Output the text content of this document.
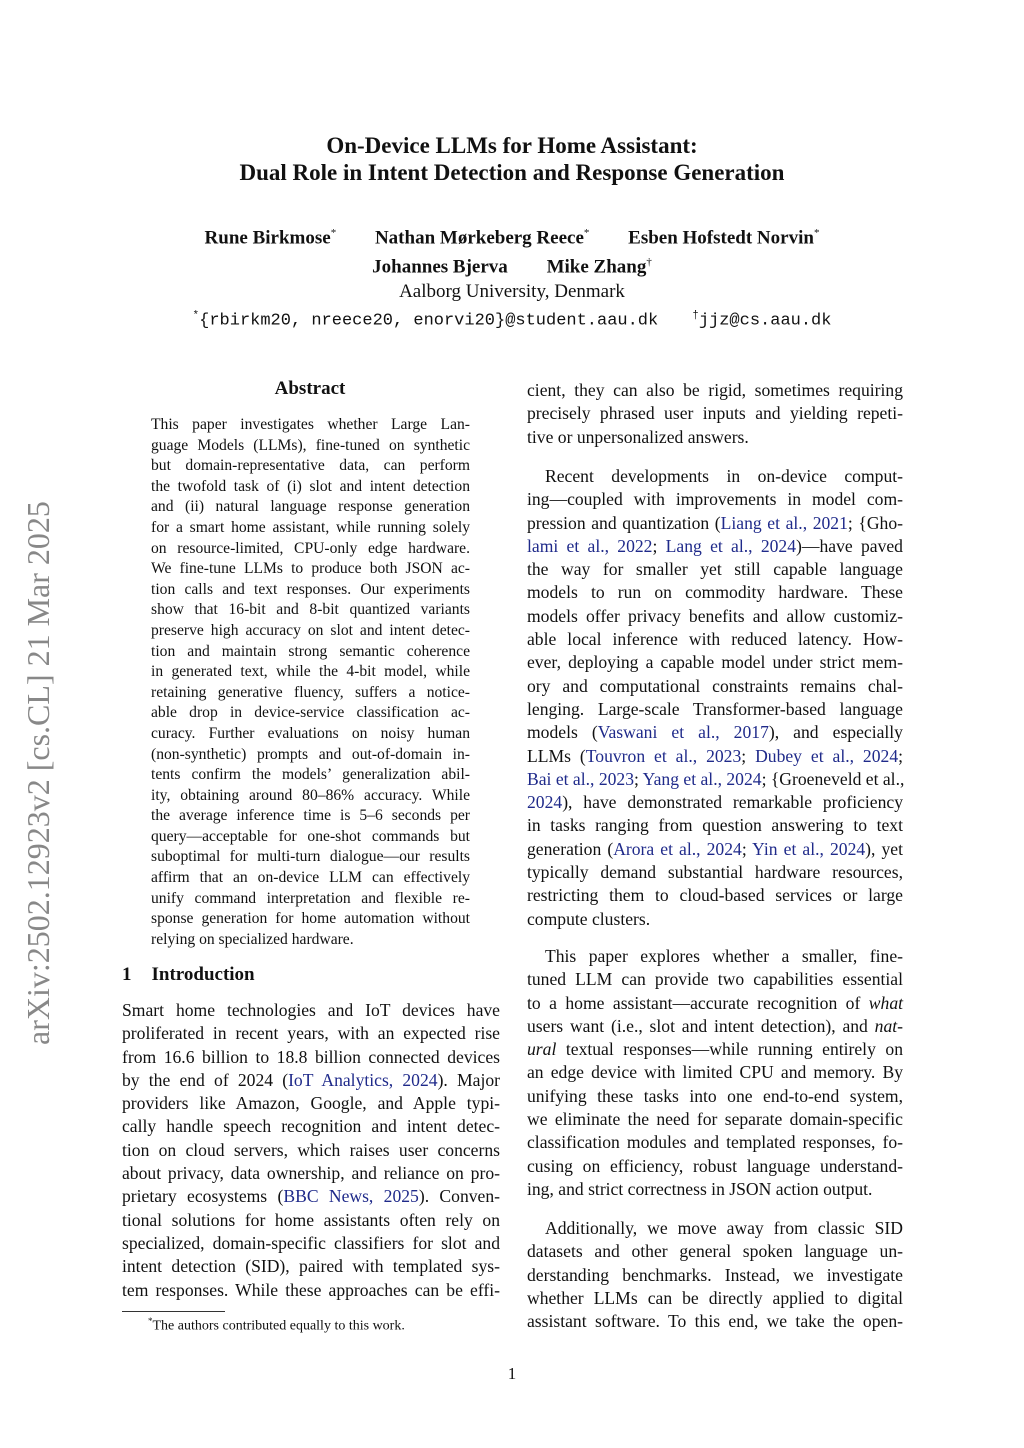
arXiv:2502.12923v2 [cs.CL] 21 Mar 2025
On-Device LLMs for Home Assistant:
Dual Role in Intent Detection and Response Generation
Rune Birkmose* Nathan Mørkeberg Reece* Esben Hofstedt Norvin*
Johannes Bjerva Mike Zhang†
Aalborg University, Denmark
*{rbirkm20, nreece20, enorvi20}@student.aau.dk	†jjz@cs.aau.dk
Abstract
This paper investigates whether Large Lan-
guage Models (LLMs), fine-tuned on synthetic
but domain-representative data, can perform
the twofold task of (i) slot and intent detection
and (ii) natural language response generation
for a smart home assistant, while running solely
on resource-limited, CPU-only edge hardware.
We fine-tune LLMs to produce both JSON ac-
tion calls and text responses. Our experiments
show that 16-bit and 8-bit quantized variants
preserve high accuracy on slot and intent detec-
tion and maintain strong semantic coherence
in generated text, while the 4-bit model, while
retaining generative fluency, suffers a notice-
able drop in device-service classification ac-
curacy. Further evaluations on noisy human
(non-synthetic) prompts and out-of-domain in-
tents confirm the models’ generalization abil-
ity, obtaining around 80–86% accuracy. While
the average inference time is 5–6 seconds per
query—acceptable for one-shot commands but
suboptimal for multi-turn dialogue—our results
affirm that an on-device LLM can effectively
unify command interpretation and flexible re-
sponse generation for home automation without
relying on specialized hardware.
1 Introduction
Smart home technologies and IoT devices have
proliferated in recent years, with an expected rise
from 16.6 billion to 18.8 billion connected devices
by the end of 2024 (IoT Analytics, 2024). Major
providers like Amazon, Google, and Apple typi-
cally handle speech recognition and intent detec-
tion on cloud servers, which raises user concerns
about privacy, data ownership, and reliance on pro-
prietary ecosystems (BBC News, 2025). Conven-
tional solutions for home assistants often rely on
specialized, domain-specific classifiers for slot and
intent detection (SID), paired with templated sys-
tem responses. While these approaches can be effi-
cient, they can also be rigid, sometimes requiring
precisely phrased user inputs and yielding repeti-
tive or unpersonalized answers.
Recent developments in on-device comput-
ing—coupled with improvements in model com-
pression and quantization (Liang et al., 2021; {Gho-
lami et al., 2022; Lang et al., 2024)—have paved
the way for smaller yet still capable language
models to run on commodity hardware. These
models offer privacy benefits and allow customiz-
able local inference with reduced latency. How-
ever, deploying a capable model under strict mem-
ory and computational constraints remains chal-
lenging. Large-scale Transformer-based language
models (Vaswani et al., 2017), and especially
LLMs (Touvron et al., 2023; Dubey et al., 2024;
Bai et al., 2023; Yang et al., 2024; {Groeneveld et al.,
2024), have demonstrated remarkable proficiency
in tasks ranging from question answering to text
generation (Arora et al., 2024; Yin et al., 2024), yet
typically demand substantial hardware resources,
restricting them to cloud-based services or large
compute clusters.
This paper explores whether a smaller, fine-
tuned LLM can provide two capabilities essential
to a home assistant—accurate recognition of what
users want (i.e., slot and intent detection), and nat-
ural textual responses—while running entirely on
an edge device with limited CPU and memory. By
unifying these tasks into one end-to-end system,
we eliminate the need for separate domain-specific
classification modules and templated responses, fo-
cusing on efficiency, robust language understand-
ing, and strict correctness in JSON action output.
Additionally, we move away from classic SID
datasets and other general spoken language un-
derstanding benchmarks. Instead, we investigate
whether LLMs can be directly applied to digital
assistant software. To this end, we take the open-
*The authors contributed equally to this work.
1
